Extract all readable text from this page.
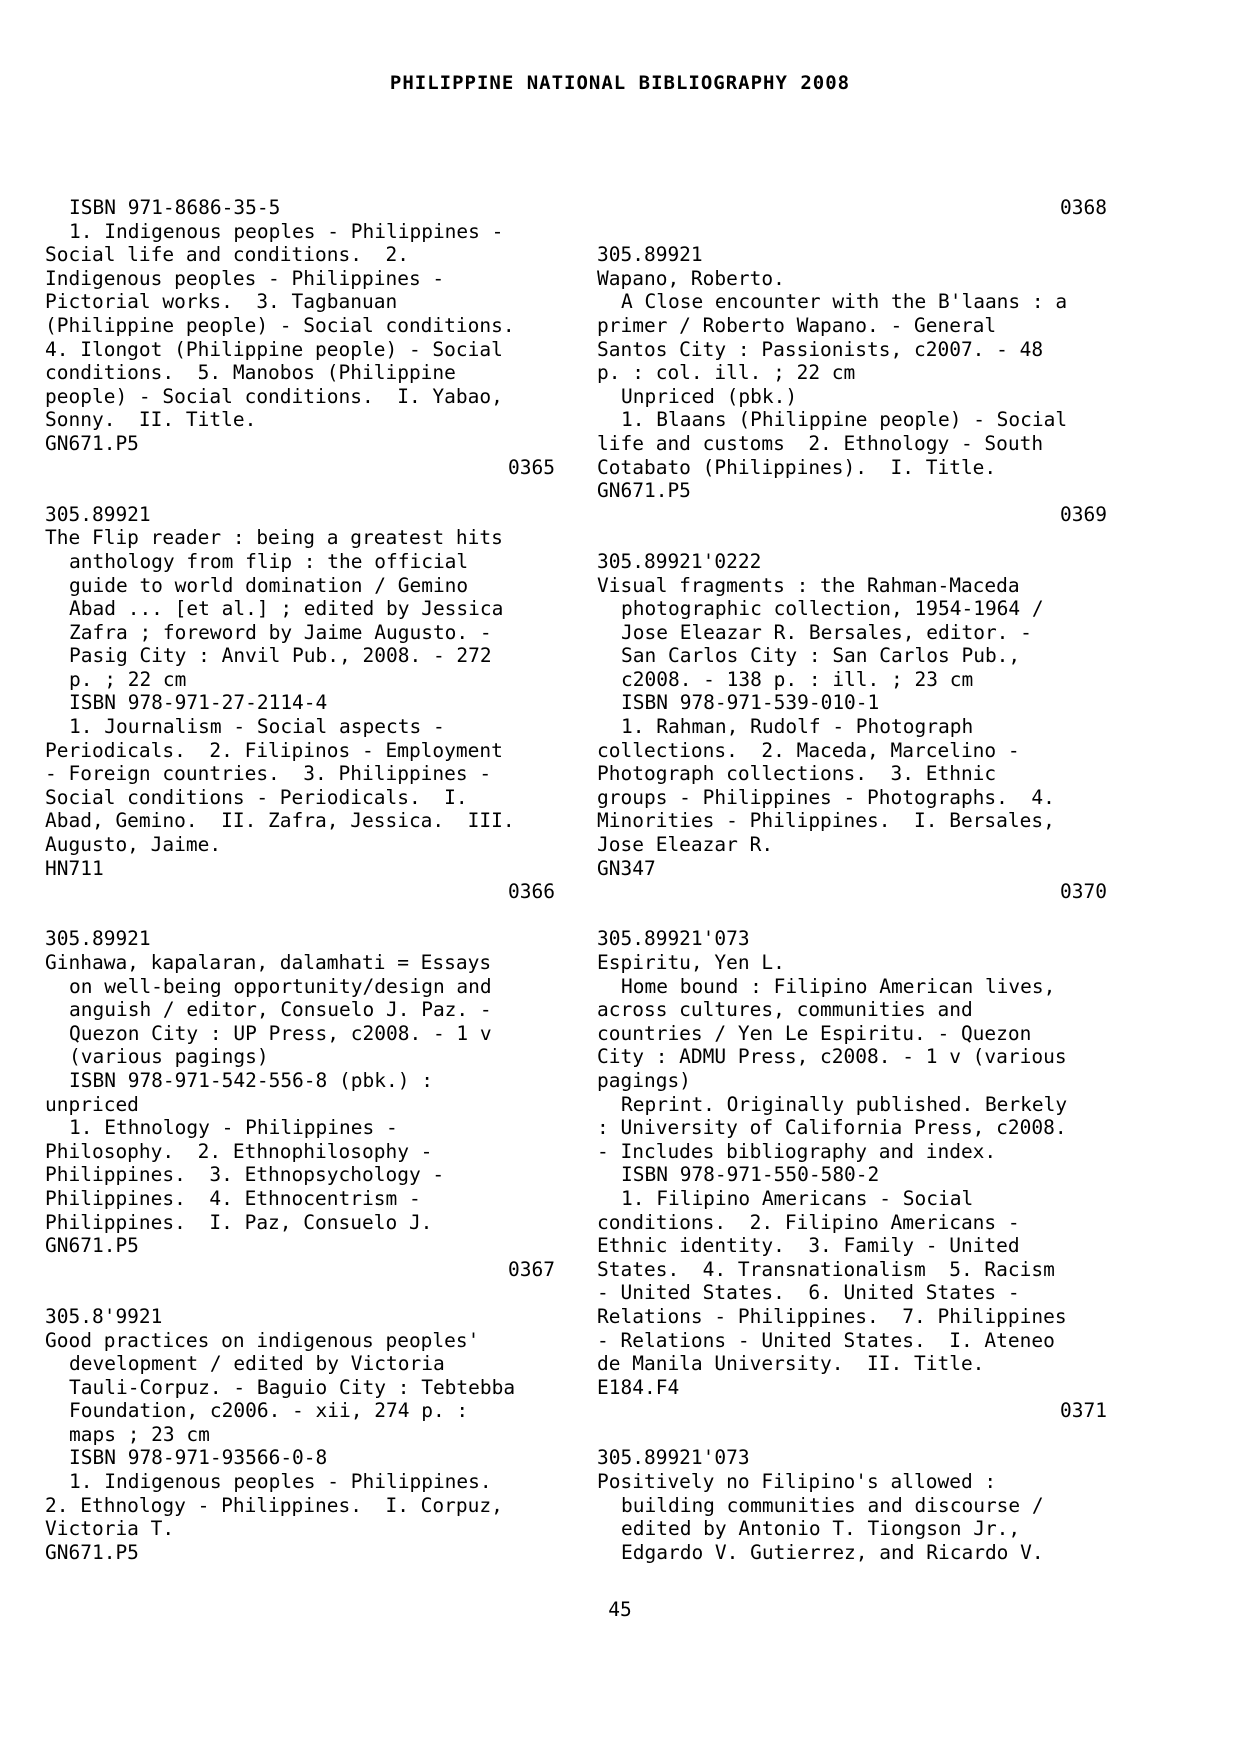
PHILIPPINE NATIONAL BIBLIOGRAPHY 2008
ISBN 971-8686-35-5
1. Indigenous peoples - Philippines -
Social life and conditions.  2.
Indigenous peoples - Philippines -
Pictorial works.  3. Tagbanuan
(Philippine people) - Social conditions.
4. Ilongot (Philippine people) - Social
conditions.  5. Manobos (Philippine
people) - Social conditions.  I. Yabao,
Sonny.  II. Title.
GN671.P5
0365
305.89921
The Flip reader : being a greatest hits
anthology from flip : the official
guide to world domination / Gemino
Abad ... [et al.] ; edited by Jessica
Zafra ; foreword by Jaime Augusto. -
Pasig City : Anvil Pub., 2008. - 272
p. ; 22 cm
ISBN 978-971-27-2114-4
1. Journalism - Social aspects -
Periodicals.  2. Filipinos - Employment
- Foreign countries.  3. Philippines -
Social conditions - Periodicals.  I.
Abad, Gemino.  II. Zafra, Jessica.  III.
Augusto, Jaime.
HN711
0366
305.89921
Ginhawa, kapalaran, dalamhati = Essays
on well-being opportunity/design and
anguish / editor, Consuelo J. Paz. -
Quezon City : UP Press, c2008. - 1 v
(various pagings)
ISBN 978-971-542-556-8 (pbk.) :
unpriced
1. Ethnology - Philippines -
Philosophy.  2. Ethnophilosophy -
Philippines.  3. Ethnopsychology -
Philippines.  4. Ethnocentrism -
Philippines.  I. Paz, Consuelo J.
GN671.P5
0367
305.8'9921
Good practices on indigenous peoples'
development / edited by Victoria
Tauli-Corpuz. - Baguio City : Tebtebba
Foundation, c2006. - xii, 274 p. :
maps ; 23 cm
ISBN 978-971-93566-0-8
1. Indigenous peoples - Philippines.
2. Ethnology - Philippines.  I. Corpuz,
Victoria T.
GN671.P5
0368
305.89921
Wapano, Roberto.
A Close encounter with the B'laans : a
primer / Roberto Wapano. - General
Santos City : Passionists, c2007. - 48
p. : col. ill. ; 22 cm
Unpriced (pbk.)
1. Blaans (Philippine people) - Social
life and customs  2. Ethnology - South
Cotabato (Philippines).  I. Title.
GN671.P5
0369
305.89921'0222
Visual fragments : the Rahman-Maceda
photographic collection, 1954-1964 /
Jose Eleazar R. Bersales, editor. -
San Carlos City : San Carlos Pub.,
c2008. - 138 p. : ill. ; 23 cm
ISBN 978-971-539-010-1
1. Rahman, Rudolf - Photograph
collections.  2. Maceda, Marcelino -
Photograph collections.  3. Ethnic
groups - Philippines - Photographs.  4.
Minorities - Philippines.  I. Bersales,
Jose Eleazar R.
GN347
0370
305.89921'073
Espiritu, Yen L.
Home bound : Filipino American lives,
across cultures, communities and
countries / Yen Le Espiritu. - Quezon
City : ADMU Press, c2008. - 1 v (various
pagings)
Reprint. Originally published. Berkely
: University of California Press, c2008.
- Includes bibliography and index.
ISBN 978-971-550-580-2
1. Filipino Americans - Social
conditions.  2. Filipino Americans -
Ethnic identity.  3. Family - United
States.  4. Transnationalism  5. Racism
- United States.  6. United States -
Relations - Philippines.  7. Philippines
- Relations - United States.  I. Ateneo
de Manila University.  II. Title.
E184.F4
0371
305.89921'073
Positively no Filipino's allowed :
building communities and discourse /
edited by Antonio T. Tiongson Jr.,
Edgardo V. Gutierrez, and Ricardo V.
45
